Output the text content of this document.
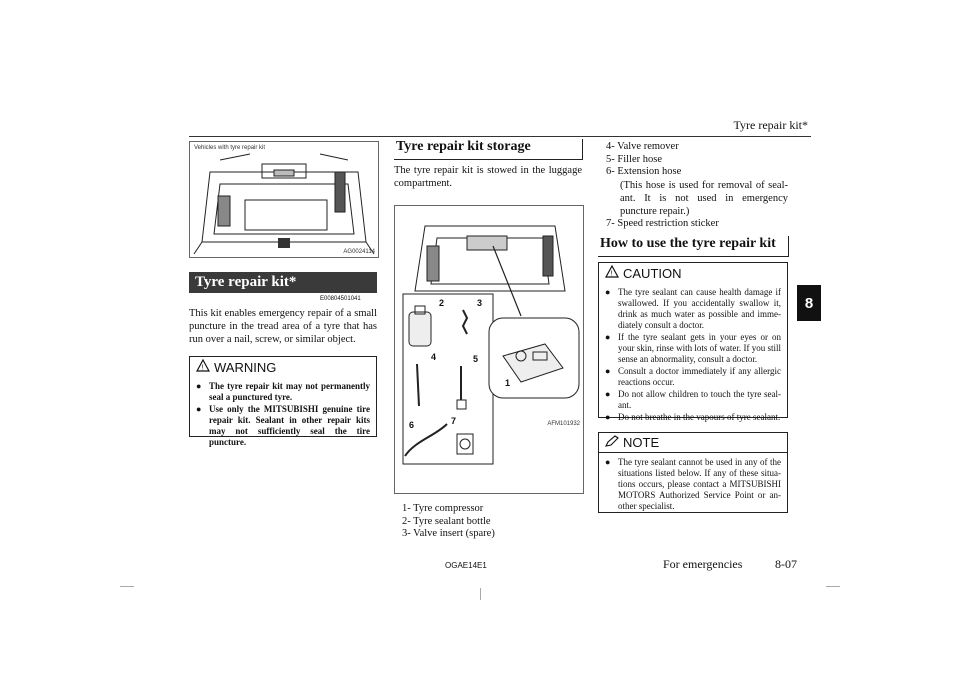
Tyre repair kit*
8
Vehicles with tyre repair kit
AG0024114
Tyre repair kit*
E00804501041
This kit enables emergency repair of a small puncture in the tread area of a tyre that has run over a nail, screw, or similar object.
! WARNING
● The tyre repair kit may not permanently seal a punctured tyre.
● Use only the MITSUBISHI genuine tire repair kit. Sealant in other repair kits may not sufficiently seal the tire puncture.
Tyre repair kit storage
The tyre repair kit is stowed in the luggage compartment.
1
2	3
4	5
6	7	AFM101932
1- Tyre compressor
2- Tyre sealant bottle
3- Valve insert (spare)
4- Valve remover
5- Filler hose
6- Extension hose
(This hose is used for removal of seal-ant. It is not used in emergency puncture repair.)
7- Speed restriction sticker
How to use the tyre repair kit
! CAUTION
● The tyre sealant can cause health damage if swallowed. If you accidentally swallow it, drink as much water as possible and imme-diately consult a doctor.
● If the tyre sealant gets in your eyes or on your skin, rinse with lots of water. If you still sense an abnormality, consult a doctor.
● Consult a doctor immediately if any allergic reactions occur.
● Do not allow children to touch the tyre seal-ant.
● Do not breathe in the vapours of tyre sealant.
NOTE
● The tyre sealant cannot be used in any of the situations listed below. If any of these situa-tions occurs, please contact a MITSUBISHI MOTORS Authorized Service Point or an-other specialist.
OGAE14E1	For emergencies	8-07
